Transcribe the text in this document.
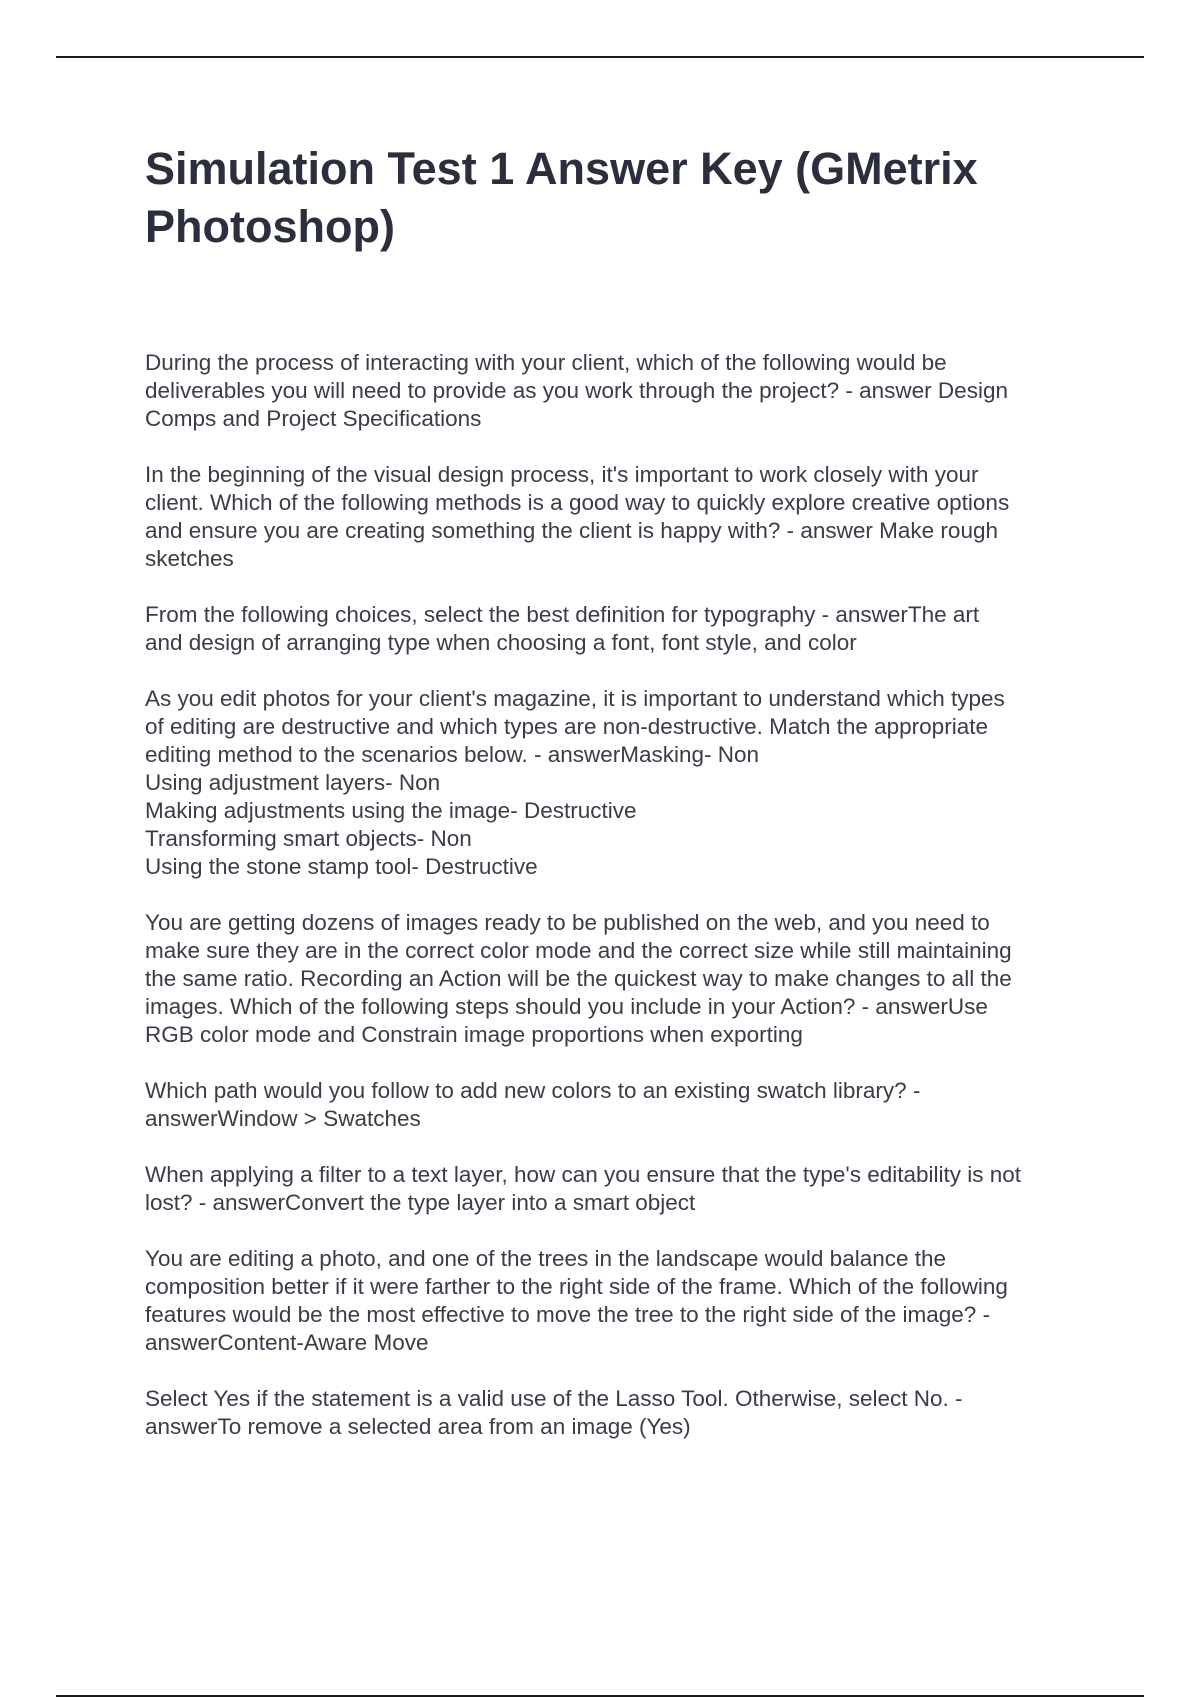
Simulation Test 1 Answer Key (GMetrix Photoshop)

During the process of interacting with your client, which of the following would be
deliverables you will need to provide as you work through the project? - answer Design
Comps and Project Specifications

In the beginning of the visual design process, it's important to work closely with your
client. Which of the following methods is a good way to quickly explore creative options
and ensure you are creating something the client is happy with? - answer Make rough
sketches

From the following choices, select the best definition for typography - answerThe art
and design of arranging type when choosing a font, font style, and color

As you edit photos for your client's magazine, it is important to understand which types
of editing are destructive and which types are non-destructive. Match the appropriate
editing method to the scenarios below. - answerMasking- Non
Using adjustment layers- Non
Making adjustments using the image- Destructive
Transforming smart objects- Non
Using the stone stamp tool- Destructive

You are getting dozens of images ready to be published on the web, and you need to
make sure they are in the correct color mode and the correct size while still maintaining
the same ratio. Recording an Action will be the quickest way to make changes to all the
images. Which of the following steps should you include in your Action? - answerUse
RGB color mode and Constrain image proportions when exporting

Which path would you follow to add new colors to an existing swatch library? -
answerWindow > Swatches

When applying a filter to a text layer, how can you ensure that the type's editability is not
lost? - answerConvert the type layer into a smart object

You are editing a photo, and one of the trees in the landscape would balance the
composition better if it were farther to the right side of the frame. Which of the following
features would be the most effective to move the tree to the right side of the image? -
answerContent-Aware Move

Select Yes if the statement is a valid use of the Lasso Tool. Otherwise, select No. -
answerTo remove a selected area from an image (Yes)
